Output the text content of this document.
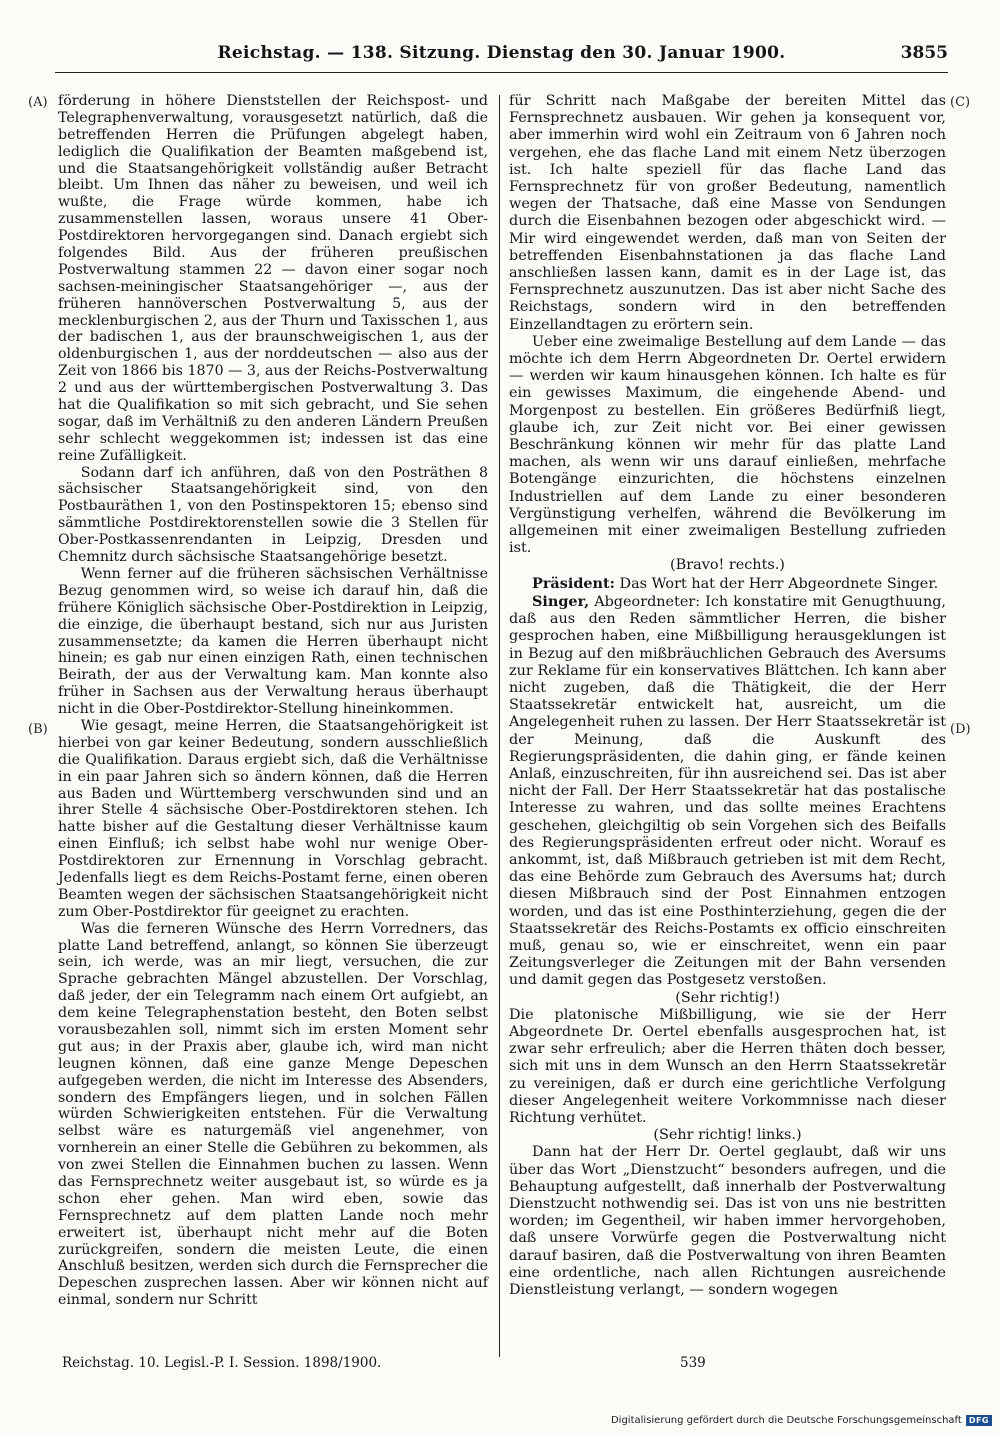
Reichstag. — 138. Sitzung. Dienstag den 30. Januar 1900.	3855
(A)
(B)
(C)
(D)

förderung in höhere Dienststellen der Reichspost- und Telegraphenverwaltung, vorausgesetzt natürlich, daß die betreffenden Herren die Prüfungen abgelegt haben, lediglich die Qualifikation der Beamten maßgebend ist, und die Staatsangehörigkeit vollständig außer Betracht bleibt. Um Ihnen das näher zu beweisen, und weil ich wußte, die Frage würde kommen, habe ich zusammenstellen lassen, woraus unsere 41 Ober-Postdirektoren hervorgegangen sind. Danach ergiebt sich folgendes Bild. Aus der früheren preußischen Postverwaltung stammen 22 — davon einer sogar noch sachsen-meiningischer Staatsangehöriger —, aus der früheren hannöverschen Postverwaltung 5, aus der mecklenburgischen 2, aus der Thurn und Taxisschen 1, aus der badischen 1, aus der braunschweigischen 1, aus der oldenburgischen 1, aus der norddeutschen — also aus der Zeit von 1866 bis 1870 — 3, aus der Reichs-Postverwaltung 2 und aus der württembergischen Postverwaltung 3. Das hat die Qualifikation so mit sich gebracht, und Sie sehen sogar, daß im Verhältniß zu den anderen Ländern Preußen sehr schlecht weggekommen ist; indessen ist das eine reine Zufälligkeit.

Sodann darf ich anführen, daß von den Posträthen 8 sächsischer Staatsangehörigkeit sind, von den Postbauräthen 1, von den Postinspektoren 15; ebenso sind sämmtliche Postdirektorenstellen sowie die 3 Stellen für Ober-Postkassenrendanten in Leipzig, Dresden und Chemnitz durch sächsische Staatsangehörige besetzt.

Wenn ferner auf die früheren sächsischen Verhältnisse Bezug genommen wird, so weise ich darauf hin, daß die frühere Königlich sächsische Ober-Postdirektion in Leipzig, die einzige, die überhaupt bestand, sich nur aus Juristen zusammensetzte; da kamen die Herren überhaupt nicht hinein; es gab nur einen einzigen Rath, einen technischen Beirath, der aus der Verwaltung kam. Man konnte also früher in Sachsen aus der Verwaltung heraus überhaupt nicht in die Ober-Postdirektor-Stellung hineinkommen.

Wie gesagt, meine Herren, die Staatsangehörigkeit ist hierbei von gar keiner Bedeutung, sondern ausschließlich die Qualifikation. Daraus ergiebt sich, daß die Verhältnisse in ein paar Jahren sich so ändern können, daß die Herren aus Baden und Württemberg verschwunden sind und an ihrer Stelle 4 sächsische Ober-Postdirektoren stehen. Ich hatte bisher auf die Gestaltung dieser Verhältnisse kaum einen Einfluß; ich selbst habe wohl nur wenige Ober-Postdirektoren zur Ernennung in Vorschlag gebracht. Jedenfalls liegt es dem Reichs-Postamt ferne, einen oberen Beamten wegen der sächsischen Staatsangehörigkeit nicht zum Ober-Postdirektor für geeignet zu erachten.

Was die ferneren Wünsche des Herrn Vorredners, das platte Land betreffend, anlangt, so können Sie überzeugt sein, ich werde, was an mir liegt, versuchen, die zur Sprache gebrachten Mängel abzustellen. Der Vorschlag, daß jeder, der ein Telegramm nach einem Ort aufgiebt, an dem keine Telegraphenstation besteht, den Boten selbst vorausbezahlen soll, nimmt sich im ersten Moment sehr gut aus; in der Praxis aber, glaube ich, wird man nicht leugnen können, daß eine ganze Menge Depeschen aufgegeben werden, die nicht im Interesse des Absenders, sondern des Empfängers liegen, und in solchen Fällen würden Schwierigkeiten entstehen. Für die Verwaltung selbst wäre es naturgemäß viel angenehmer, von vornherein an einer Stelle die Gebühren zu bekommen, als von zwei Stellen die Einnahmen buchen zu lassen. Wenn das Fernsprechnetz weiter ausgebaut ist, so würde es ja schon eher gehen. Man wird eben, sowie das Fernsprechnetz auf dem platten Lande noch mehr erweitert ist, überhaupt nicht mehr auf die Boten zurückgreifen, sondern die meisten Leute, die einen Anschluß besitzen, werden sich durch die Fernsprecher die Depeschen zusprechen lassen. Aber wir können nicht auf einmal, sondern nur Schritt

für Schritt nach Maßgabe der bereiten Mittel das Fernsprechnetz ausbauen. Wir gehen ja konsequent vor, aber immerhin wird wohl ein Zeitraum von 6 Jahren noch vergehen, ehe das flache Land mit einem Netz überzogen ist. Ich halte speziell für das flache Land das Fernsprechnetz für von großer Bedeutung, namentlich wegen der Thatsache, daß eine Masse von Sendungen durch die Eisenbahnen bezogen oder abgeschickt wird. — Mir wird eingewendet werden, daß man von Seiten der betreffenden Eisenbahnstationen ja das flache Land anschließen lassen kann, damit es in der Lage ist, das Fernsprechnetz auszunutzen. Das ist aber nicht Sache des Reichstags, sondern wird in den betreffenden Einzellandtagen zu erörtern sein.

Ueber eine zweimalige Bestellung auf dem Lande — das möchte ich dem Herrn Abgeordneten Dr. Oertel erwidern — werden wir kaum hinausgehen können. Ich halte es für ein gewisses Maximum, die eingehende Abend- und Morgenpost zu bestellen. Ein größeres Bedürfniß liegt, glaube ich, zur Zeit nicht vor. Bei einer gewissen Beschränkung können wir mehr für das platte Land machen, als wenn wir uns darauf einließen, mehrfache Botengänge einzurichten, die höchstens einzelnen Industriellen auf dem Lande zu einer besonderen Vergünstigung verhelfen, während die Bevölkerung im allgemeinen mit einer zweimaligen Bestellung zufrieden ist.

(Bravo! rechts.)

Präsident: Das Wort hat der Herr Abgeordnete Singer.

Singer, Abgeordneter: Ich konstatire mit Genugthuung, daß aus den Reden sämmtlicher Herren, die bisher gesprochen haben, eine Mißbilligung herausgeklungen ist in Bezug auf den mißbräuchlichen Gebrauch des Aversums zur Reklame für ein konservatives Blättchen. Ich kann aber nicht zugeben, daß die Thätigkeit, die der Herr Staatssekretär entwickelt hat, ausreicht, um die Angelegenheit ruhen zu lassen. Der Herr Staatssekretär ist der Meinung, daß die Auskunft des Regierungspräsidenten, die dahin ging, er fände keinen Anlaß, einzuschreiten, für ihn ausreichend sei. Das ist aber nicht der Fall. Der Herr Staatssekretär hat das postalische Interesse zu wahren, und das sollte meines Erachtens geschehen, gleichgiltig ob sein Vorgehen sich des Beifalls des Regierungspräsidenten erfreut oder nicht. Worauf es ankommt, ist, daß Mißbrauch getrieben ist mit dem Recht, das eine Behörde zum Gebrauch des Aversums hat; durch diesen Mißbrauch sind der Post Einnahmen entzogen worden, und das ist eine Posthinterziehung, gegen die der Staatssekretär des Reichs-Postamts ex officio einschreiten muß, genau so, wie er einschreitet, wenn ein paar Zeitungsverleger die Zeitungen mit der Bahn versenden und damit gegen das Postgesetz verstoßen.

(Sehr richtig!)

Die platonische Mißbilligung, wie sie der Herr Abgeordnete Dr. Oertel ebenfalls ausgesprochen hat, ist zwar sehr erfreulich; aber die Herren thäten doch besser, sich mit uns in dem Wunsch an den Herrn Staatssekretär zu vereinigen, daß er durch eine gerichtliche Verfolgung dieser Angelegenheit weitere Vorkommnisse nach dieser Richtung verhütet.

(Sehr richtig! links.)

Dann hat der Herr Dr. Oertel geglaubt, daß wir uns über das Wort „Dienstzucht“ besonders aufregen, und die Behauptung aufgestellt, daß innerhalb der Postverwaltung Dienstzucht nothwendig sei. Das ist von uns nie bestritten worden; im Gegentheil, wir haben immer hervorgehoben, daß unsere Vorwürfe gegen die Postverwaltung nicht darauf basiren, daß die Postverwaltung von ihren Beamten eine ordentliche, nach allen Richtungen ausreichende Dienstleistung verlangt, — sondern wogegen

Reichstag. 10. Legisl.-P. I. Session. 1898/1900.	539
Digitalisierung gefördert durch die Deutsche Forschungsgemeinschaft DFG
